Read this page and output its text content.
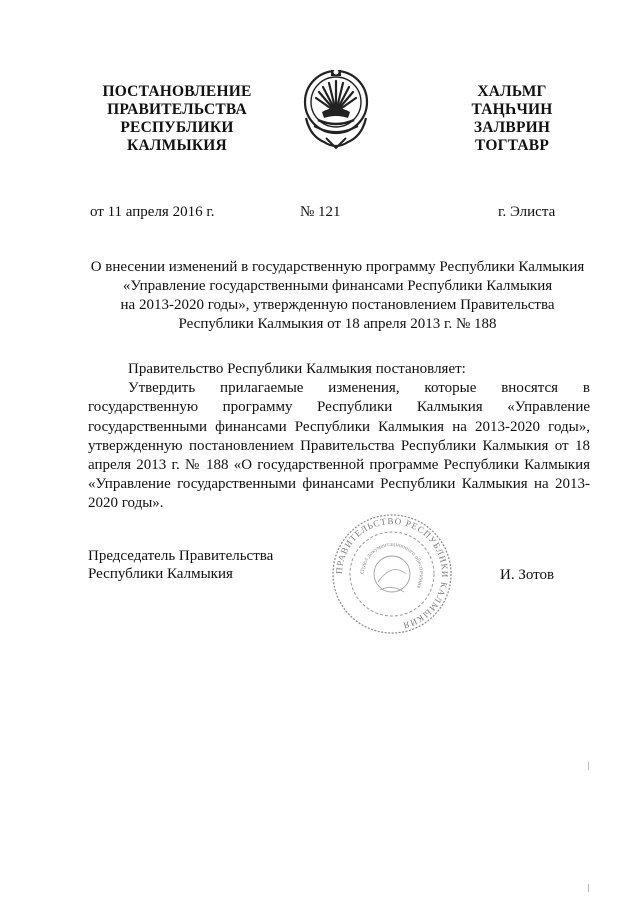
ПОСТАНОВЛЕНИЕ
ПРАВИТЕЛЬСТВА
РЕСПУБЛИКИ
КАЛМЫКИЯ
ХАЛЬМГ
ТАҢҺЧИН
ЗАЛВРИН
ТОГТАВР
от 11 апреля 2016 г.	№ 121	г. Элиста
О внесении изменений в государственную программу Республики Калмыкия
«Управление государственными финансами Республики Калмыкия
на 2013-2020 годы», утвержденную постановлением Правительства
Республики Калмыкия от 18 апреля 2013 г. № 188
Правительство Республики Калмыкия постановляет:
Утвердить прилагаемые изменения, которые вносятся в государственную программу Республики Калмыкия «Управление государственными финансами Республики Калмыкия на 2013-2020 годы», утвержденную постановлением Правительства Республики Калмыкия от 18 апреля 2013 г. № 188 «О государственной программе Республики Калмыкия «Управление государственными финансами Республики Калмыкия на 2013-2020 годы».
Председатель Правительства
Республики Калмыкия	ПРАВИТЕЛЬСТВО РЕСПУБЛИКИ КАЛМЫКИЯ
Отдел документационного обеспечения
И. Зотов
